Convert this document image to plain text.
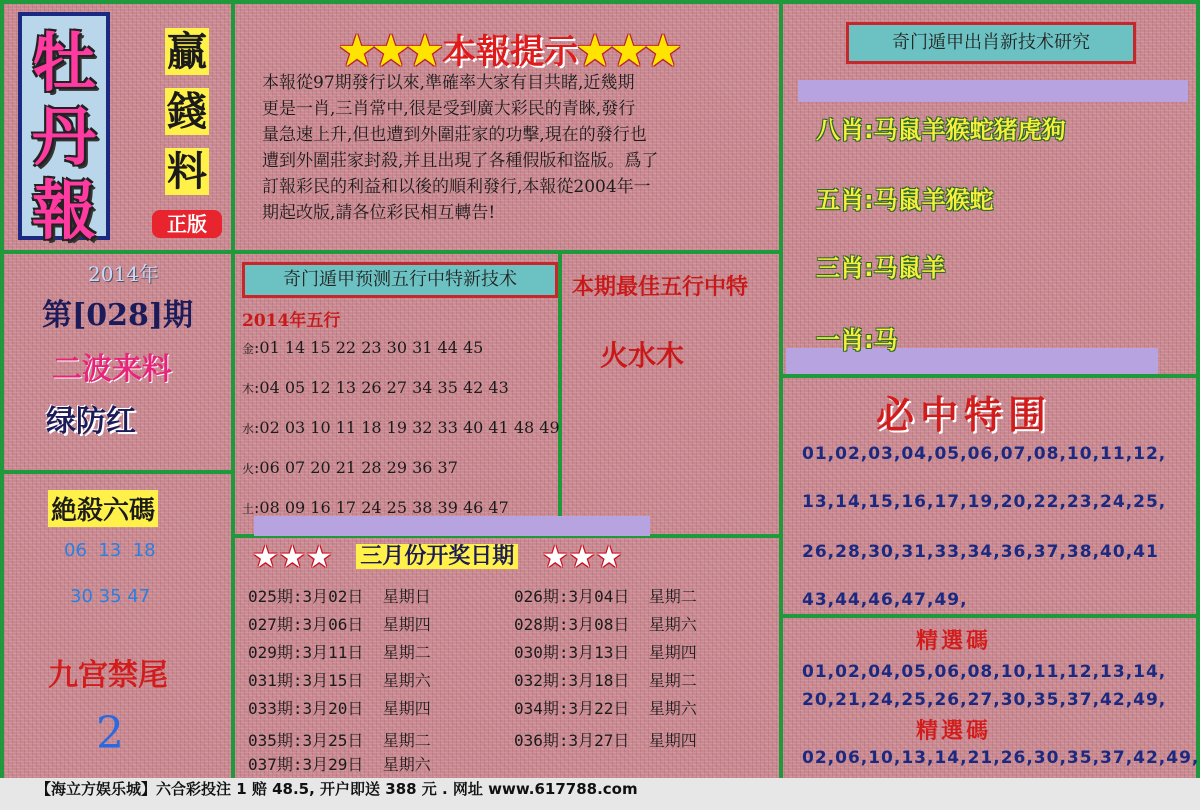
牡
丹
報
贏
錢
料
正版
★★★本報提示★★★
本報從97期發行以來,準確率大家有目共睹,近幾期
更是一肖,三肖常中,很是受到廣大彩民的青睞,發行
量急速上升,但也遭到外圍莊家的功擊,現在的發行也
遭到外圍莊家封殺,并且出現了各種假版和盜版。爲了
訂報彩民的利益和以後的順利發行,本報從2004年一
期起改版,請各位彩民相互轉告!
奇门遁甲出肖新技术研究
八肖:马鼠羊猴蛇猪虎狗
五肖:马鼠羊猴蛇
三肖:马鼠羊
一肖:马
2014年
第[028]期
二波来料
绿防红
絶殺六碼
06  13  18
30 35 47
九宫禁尾
2
奇门遁甲预测五行中特新技术
2014年五行
金:01 14 15 22 23 30 31 44 45
木:04 05 12 13 26 27 34 35 42 43
水:02 03 10 11 18 19 32 33 40 41 48 49
火:06 07 20 21 28 29 36 37
土:08 09 16 17 24 25 38 39 46 47
本期最佳五行中特
火水木
★★★ 三月份开奖日期 ★★★
025期:3月02日  星期日	026期:3月04日  星期二
027期:3月06日  星期四	028期:3月08日  星期六
029期:3月11日  星期二	030期:3月13日  星期四
031期:3月15日  星期六	032期:3月18日  星期二
033期:3月20日  星期四	034期:3月22日  星期六
035期:3月25日  星期二	036期:3月27日  星期四
037期:3月29日  星期六
必中特围
01,02,03,04,05,06,07,08,10,11,12,
13,14,15,16,17,19,20,22,23,24,25,
26,28,30,31,33,34,36,37,38,40,41
43,44,46,47,49,
精選碼
01,02,04,05,06,08,10,11,12,13,14,
20,21,24,25,26,27,30,35,37,42,49,
精選碼
02,06,10,13,14,21,26,30,35,37,42,49,
【海立方娱乐城】六合彩投注 1 赔 48.5, 开户即送 388 元 . 网址 www.617788.com
